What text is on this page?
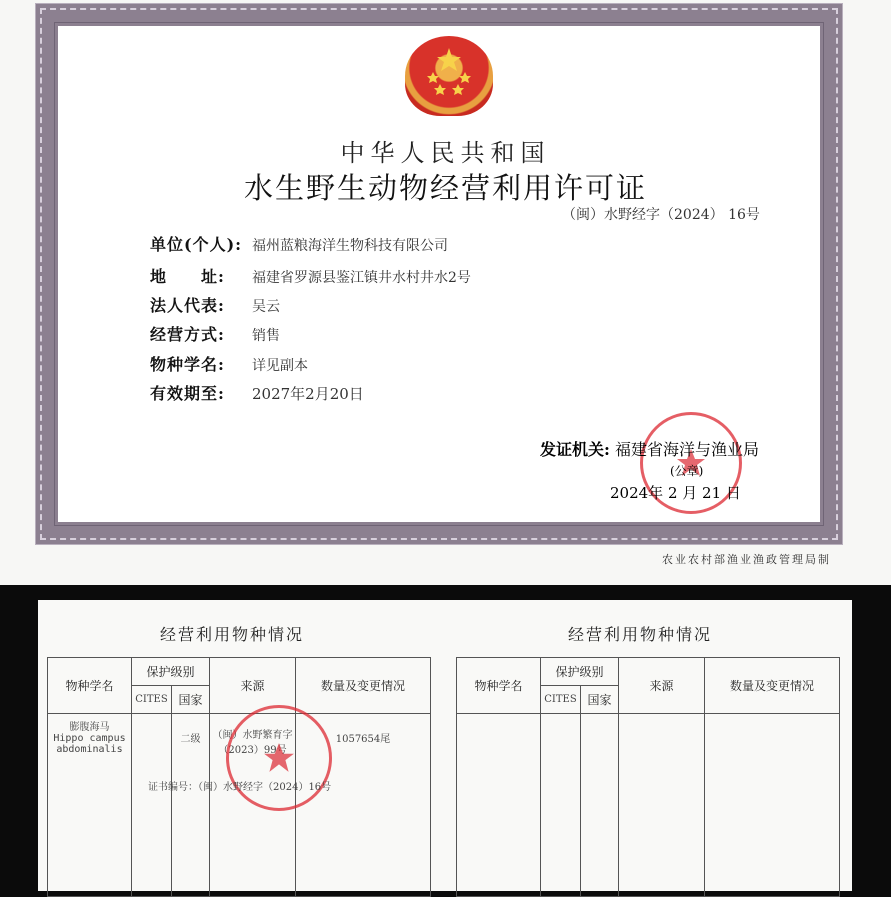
中华人民共和国
水生野生动物经营利用许可证
（闽）水野经字（2024） 16号
单位(个人): 福州蓝粮海洋生物科技有限公司
地　　址: 福建省罗源县鉴江镇井水村井水2号
法人代表: 吴云
经营方式: 销售
物种学名: 详见副本
有效期至: 2027年2月20日
发证机关: 福建省海洋与渔业局
(公章)
2024年 2 月 21 日
农业农村部渔业渔政管理局制
经营利用物种情况	经营利用物种情况
物种学名	保护级别		来源	数量及变更情况
	CITES	国家		

膨腹海马
Hippo campus abdominalis		二级	（闽）水野繁育字（2023）99号	1057654尾
证书编号：（闽）水野经字（2024）16号
物种学名	保护级别		来源	数量及变更情况
	CITES	国家		
